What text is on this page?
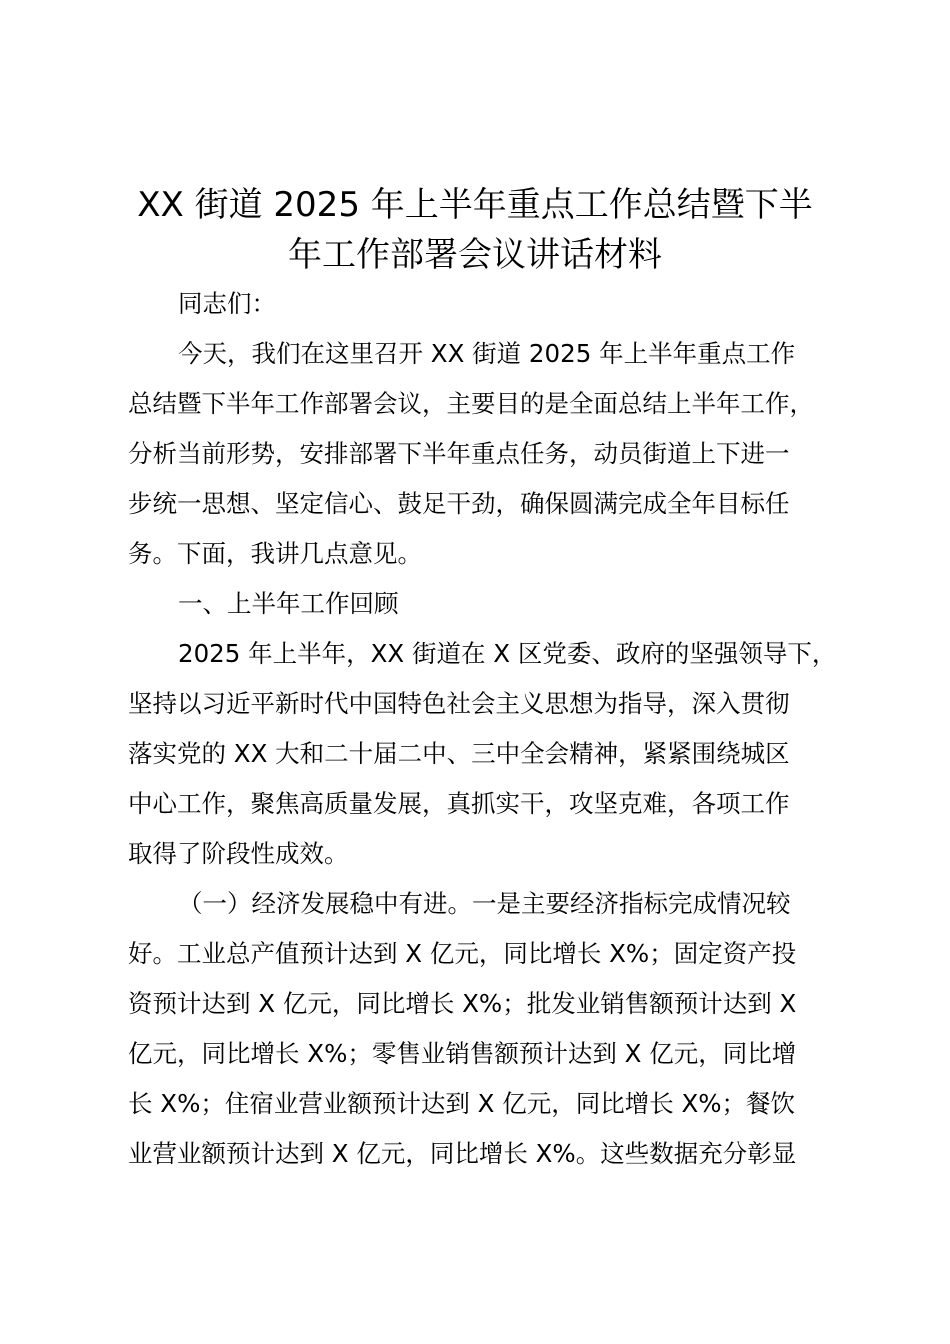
XX 街道 2025 年上半年重点工作总结暨下半
年工作部署会议讲话材料
同志们：
今天，我们在这里召开 XX 街道 2025 年上半年重点工作
总结暨下半年工作部署会议，主要目的是全面总结上半年工作，
分析当前形势，安排部署下半年重点任务，动员街道上下进一
步统一思想、坚定信心、鼓足干劲，确保圆满完成全年目标任
务。下面，我讲几点意见。
一、上半年工作回顾
2025 年上半年，XX 街道在 X 区党委、政府的坚强领导下，
坚持以习近平新时代中国特色社会主义思想为指导，深入贯彻
落实党的 XX 大和二十届二中、三中全会精神，紧紧围绕城区
中心工作，聚焦高质量发展，真抓实干，攻坚克难，各项工作
取得了阶段性成效。
（一）经济发展稳中有进。一是主要经济指标完成情况较
好。工业总产值预计达到 X 亿元，同比增长 X%；固定资产投
资预计达到 X 亿元，同比增长 X%；批发业销售额预计达到 X
亿元，同比增长 X%；零售业销售额预计达到 X 亿元，同比增
长 X%；住宿业营业额预计达到 X 亿元，同比增长 X%；餐饮
业营业额预计达到 X 亿元，同比增长 X%。这些数据充分彰显
